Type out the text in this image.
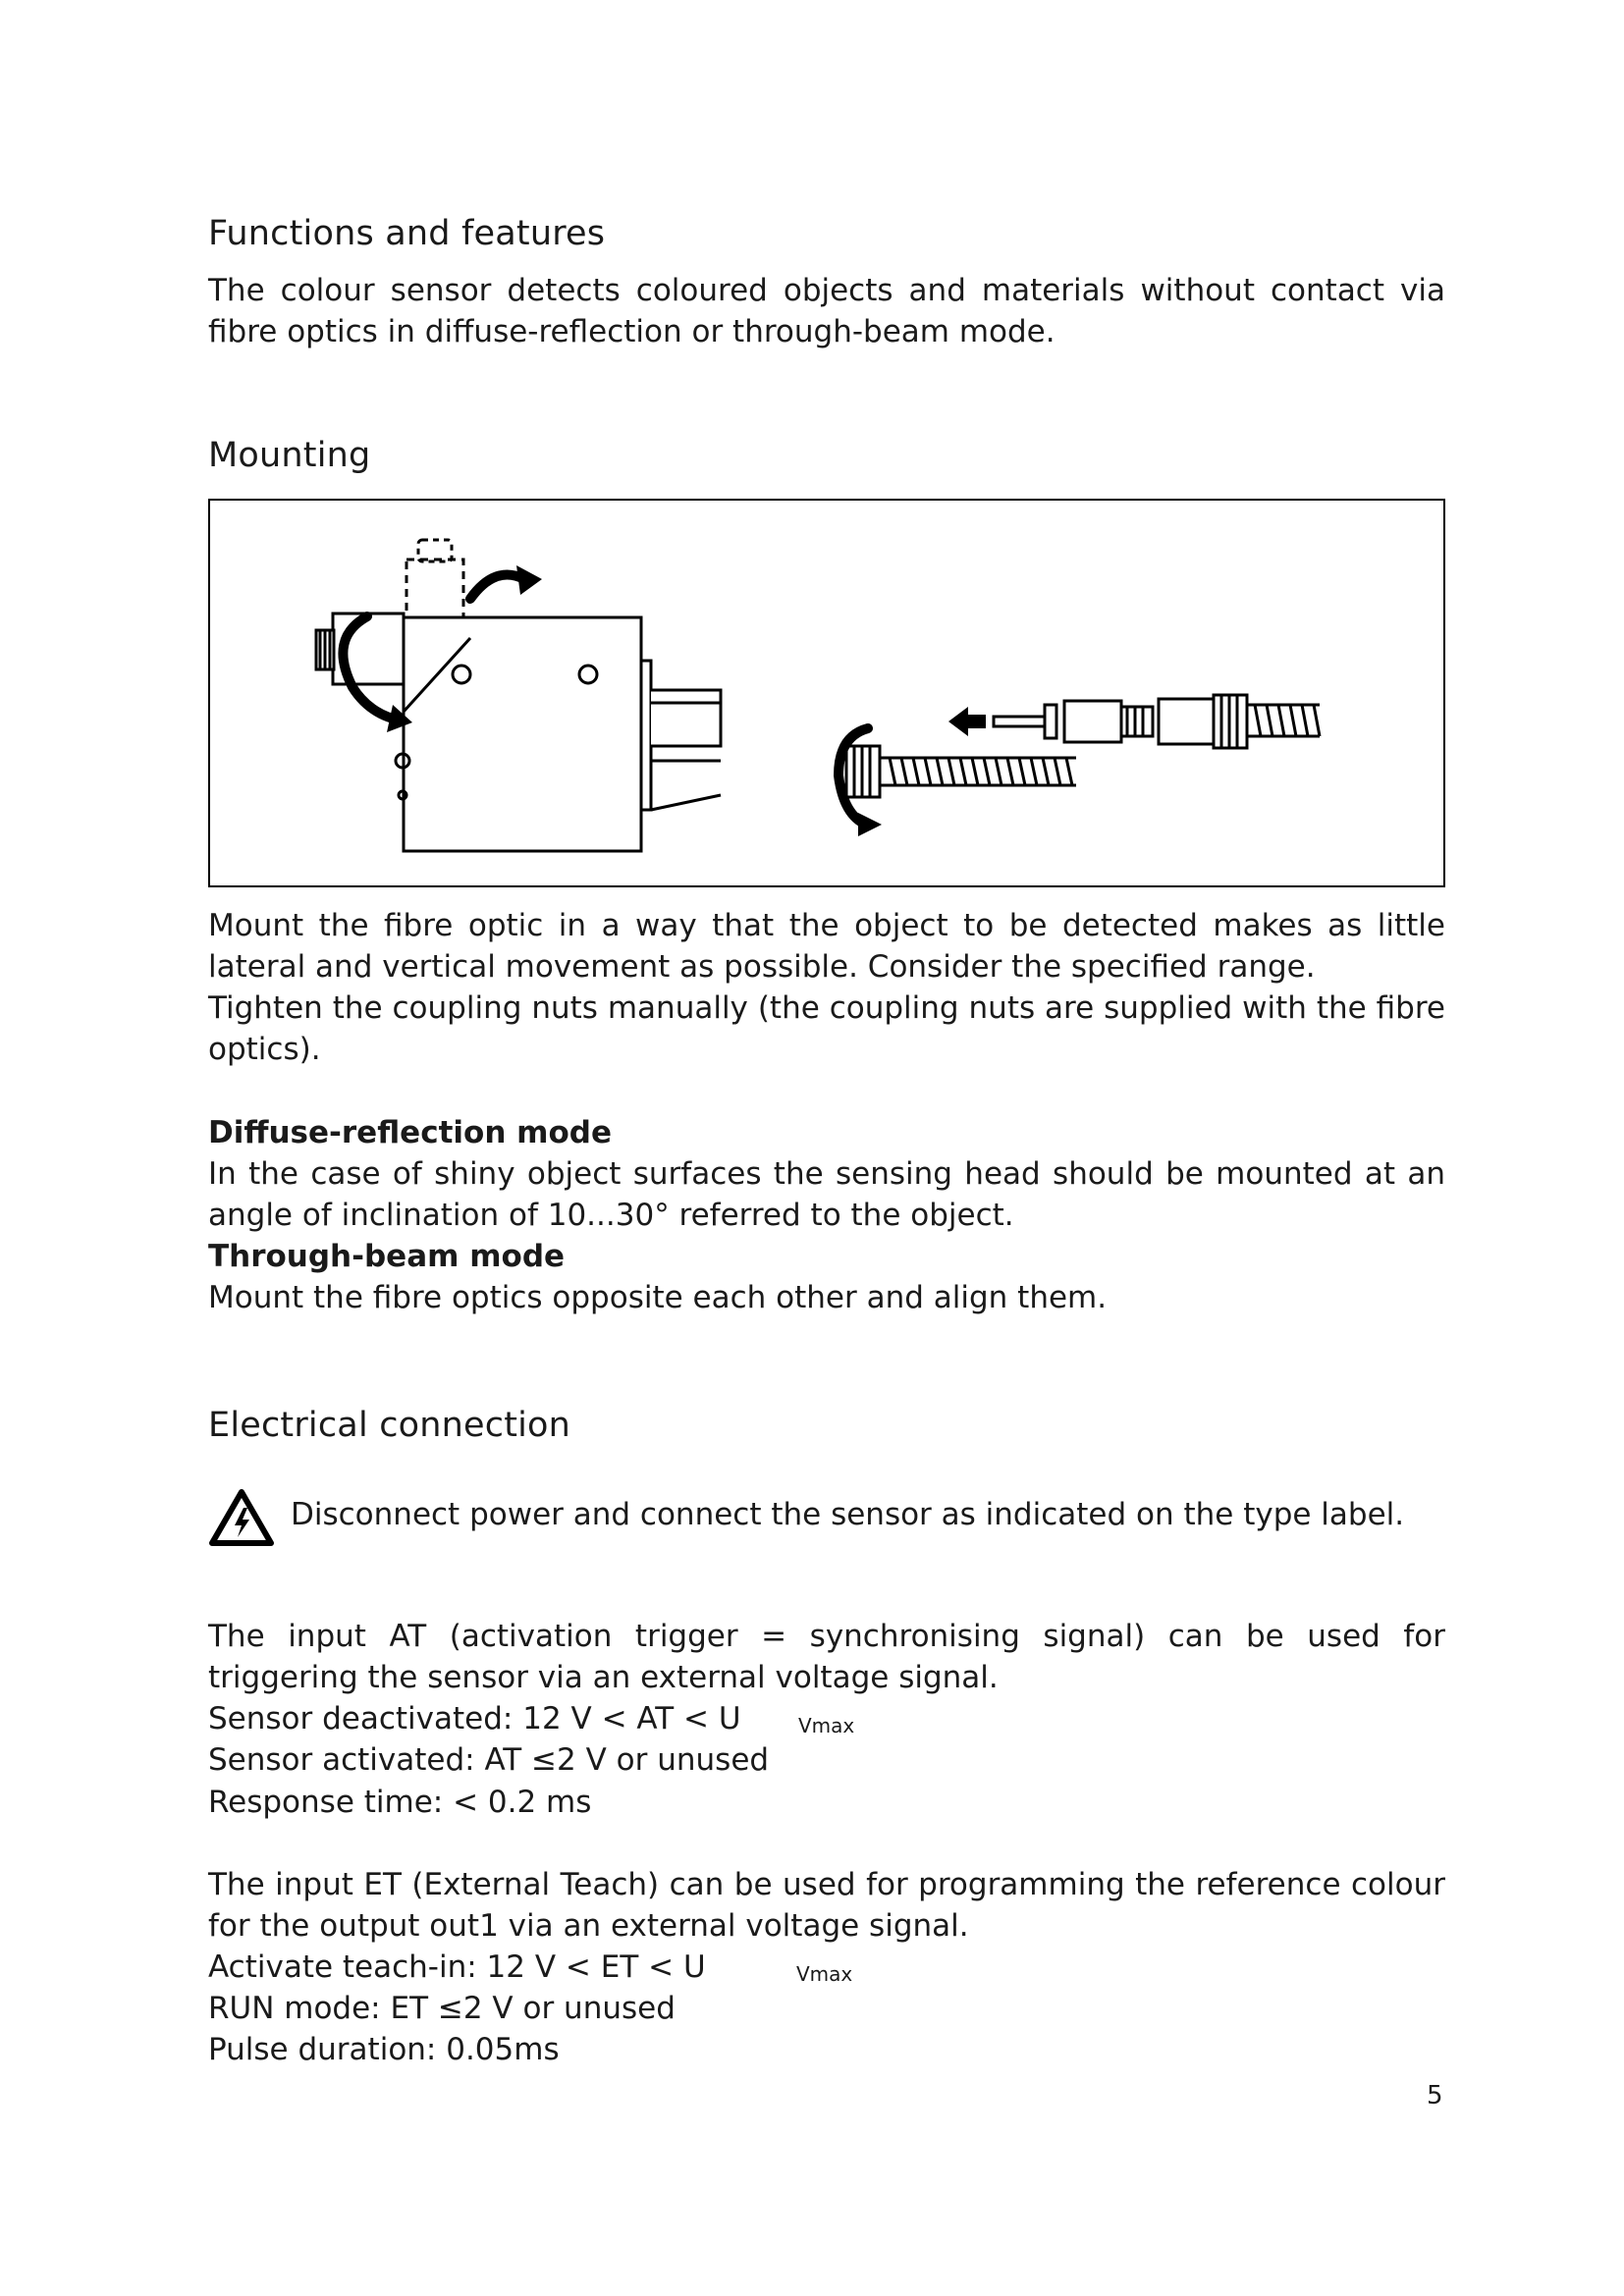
Functions and features

The colour sensor detects coloured objects and materials without contact via fibre optics in diffuse-reflection or through-beam mode.

Mounting

Mount the fibre optic in a way that the object to be detected makes as little lateral and vertical movement as possible. Consider the specified range.

Tighten the coupling nuts manually (the coupling nuts are supplied with the fibre optics).

Diffuse-reflection mode

In the case of shiny object surfaces the sensing head should be mounted at an angle of inclination of 10...30° referred to the object.

Through-beam mode
Mount the fibre optics opposite each other and align them.
Electrical connection
Disconnect power and connect the sensor as indicated on the type label.

The input AT (activation trigger = synchronising signal) can be used for triggering the sensor via an external voltage signal.

Sensor deactivated: 12 V < AT < U	Vmax
Sensor activated: AT ≤2 V or unused
Response time: < 0.2 ms

The input ET (External Teach) can be used for programming the reference colour for the output out1 via an external voltage signal.

Activate teach-in: 12 V < ET < U	Vmax
RUN mode: ET ≤2 V or unused
Pulse duration: 0.05ms
5
